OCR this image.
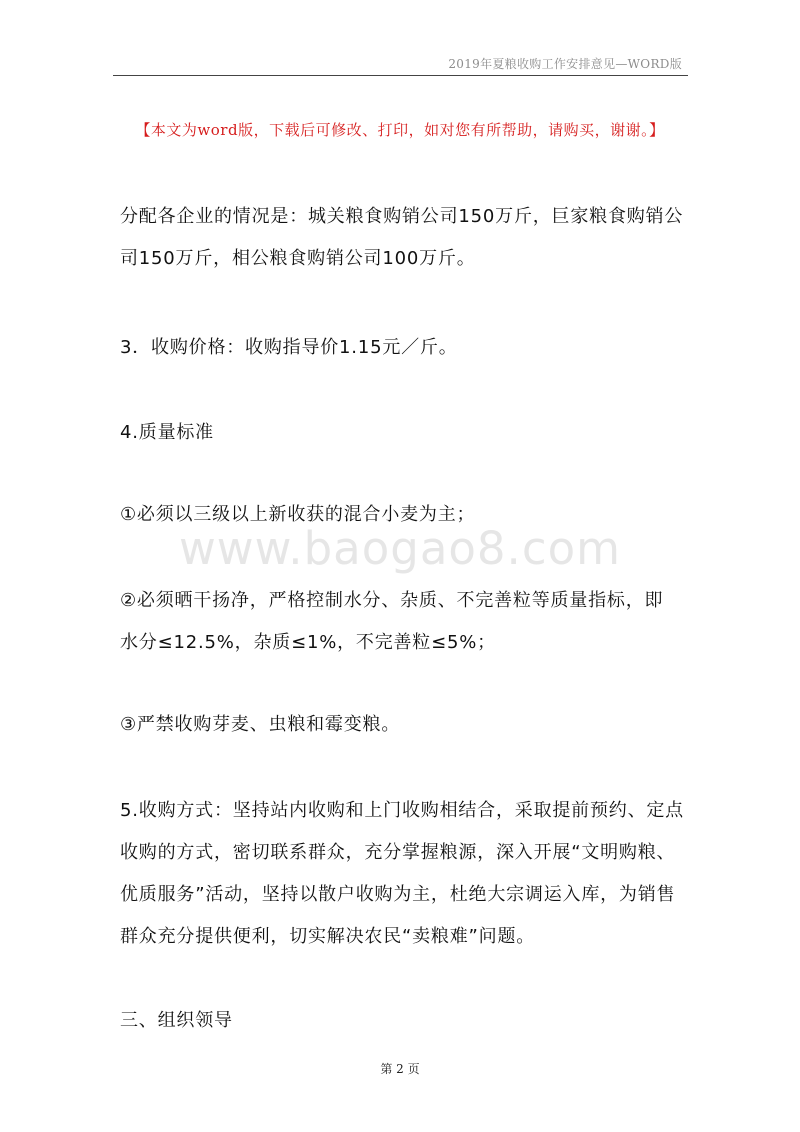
2019年夏粮收购工作安排意见—WORD版
【本文为word版，下载后可修改、打印，如对您有所帮助，请购买，谢谢。】
www.baogao8.com
分配各企业的情况是：城关粮食购销公司150万斤，巨家粮食购销公
司150万斤，相公粮食购销公司100万斤。
3．收购价格：收购指导价1.15元／斤。
4.质量标准
①必须以三级以上新收获的混合小麦为主；
②必须晒干扬净，严格控制水分、杂质、不完善粒等质量指标，即
水分≤12.5%，杂质≤1%，不完善粒≤5%；
③严禁收购芽麦、虫粮和霉变粮。
5.收购方式：坚持站内收购和上门收购相结合，采取提前预约、定点
收购的方式，密切联系群众，充分掌握粮源，深入开展“文明购粮、
优质服务”活动，坚持以散户收购为主，杜绝大宗调运入库，为销售
群众充分提供便利，切实解决农民“卖粮难”问题。
三、组织领导
第 2 页
